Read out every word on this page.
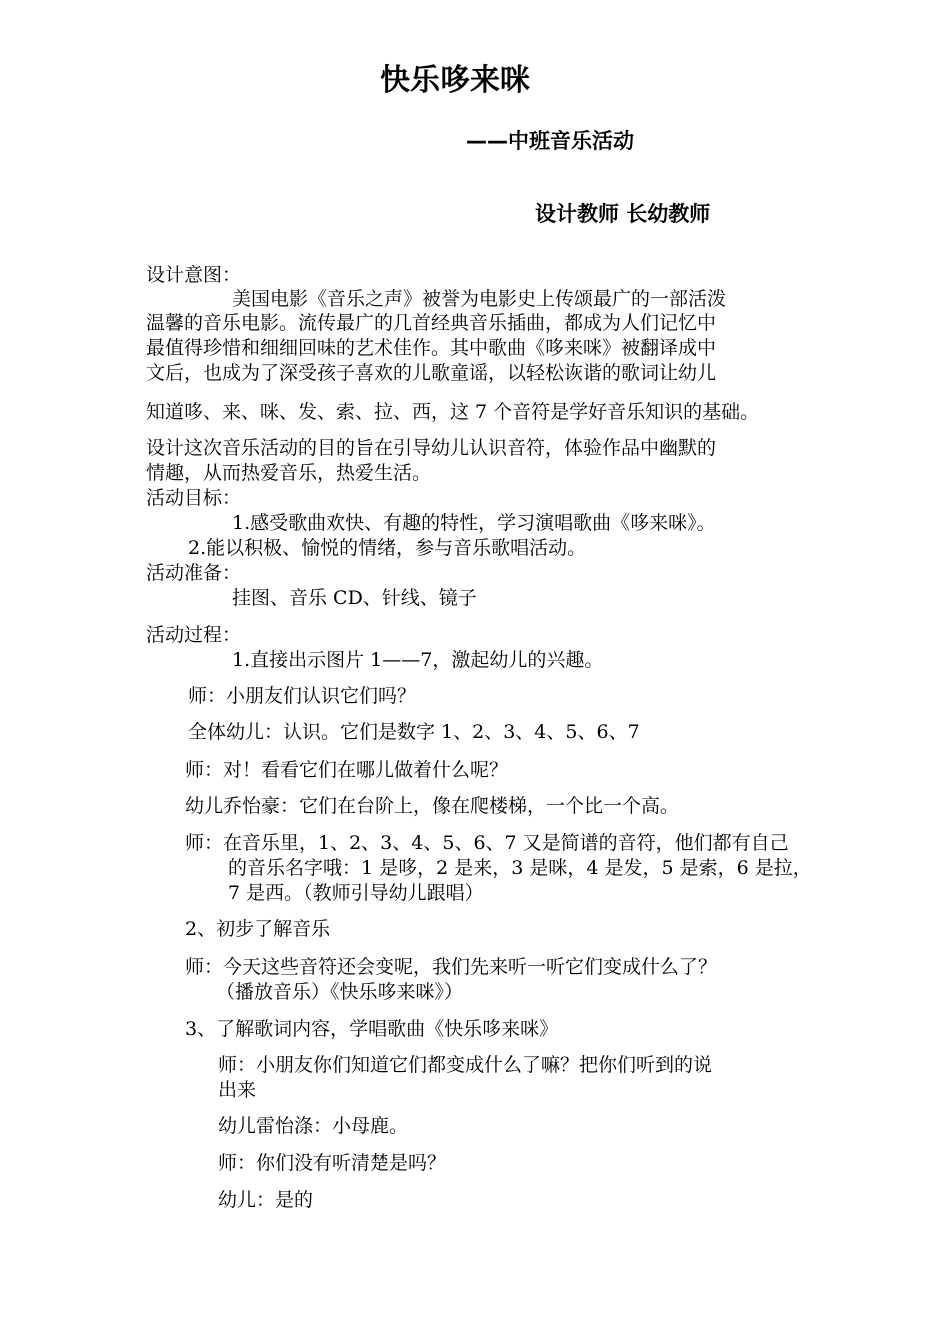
快乐哆来咪
——中班音乐活动
设计教师 长幼教师
设计意图：
美国电影《音乐之声》被誉为电影史上传颂最广的一部活泼
温馨的音乐电影。流传最广的几首经典音乐插曲，都成为人们记忆中
最值得珍惜和细细回味的艺术佳作。其中歌曲《哆来咪》被翻译成中
文后，也成为了深受孩子喜欢的儿歌童谣，以轻松诙谐的歌词让幼儿
知道哆、来、咪、发、索、拉、西，这 7 个音符是学好音乐知识的基础。
设计这次音乐活动的目的旨在引导幼儿认识音符，体验作品中幽默的
情趣，从而热爱音乐，热爱生活。
活动目标：
1.感受歌曲欢快、有趣的特性，学习演唱歌曲《哆来咪》。
2.能以积极、愉悦的情绪，参与音乐歌唱活动。
活动准备：
挂图、音乐 CD、针线、镜子
活动过程：
1.直接出示图片 1——7，激起幼儿的兴趣。
师：小朋友们认识它们吗？
全体幼儿：认识。它们是数字 1、2、3、4、5、6、7
师：对！看看它们在哪儿做着什么呢？
幼儿乔怡豪：它们在台阶上，像在爬楼梯，一个比一个高。
师：在音乐里，1、2、3、4、5、6、7 又是简谱的音符，他们都有自己
的音乐名字哦：1 是哆，2 是来，3 是咪，4 是发，5 是索，6 是拉，
7 是西。（教师引导幼儿跟唱）
2、初步了解音乐
师：今天这些音符还会变呢，我们先来听一听它们变成什么了？
（播放音乐）《快乐哆来咪》）
3、了解歌词内容，学唱歌曲《快乐哆来咪》
师：小朋友你们知道它们都变成什么了嘛？把你们听到的说
出来
幼儿雷怡涤：小母鹿。
师：你们没有听清楚是吗？
幼儿：是的
